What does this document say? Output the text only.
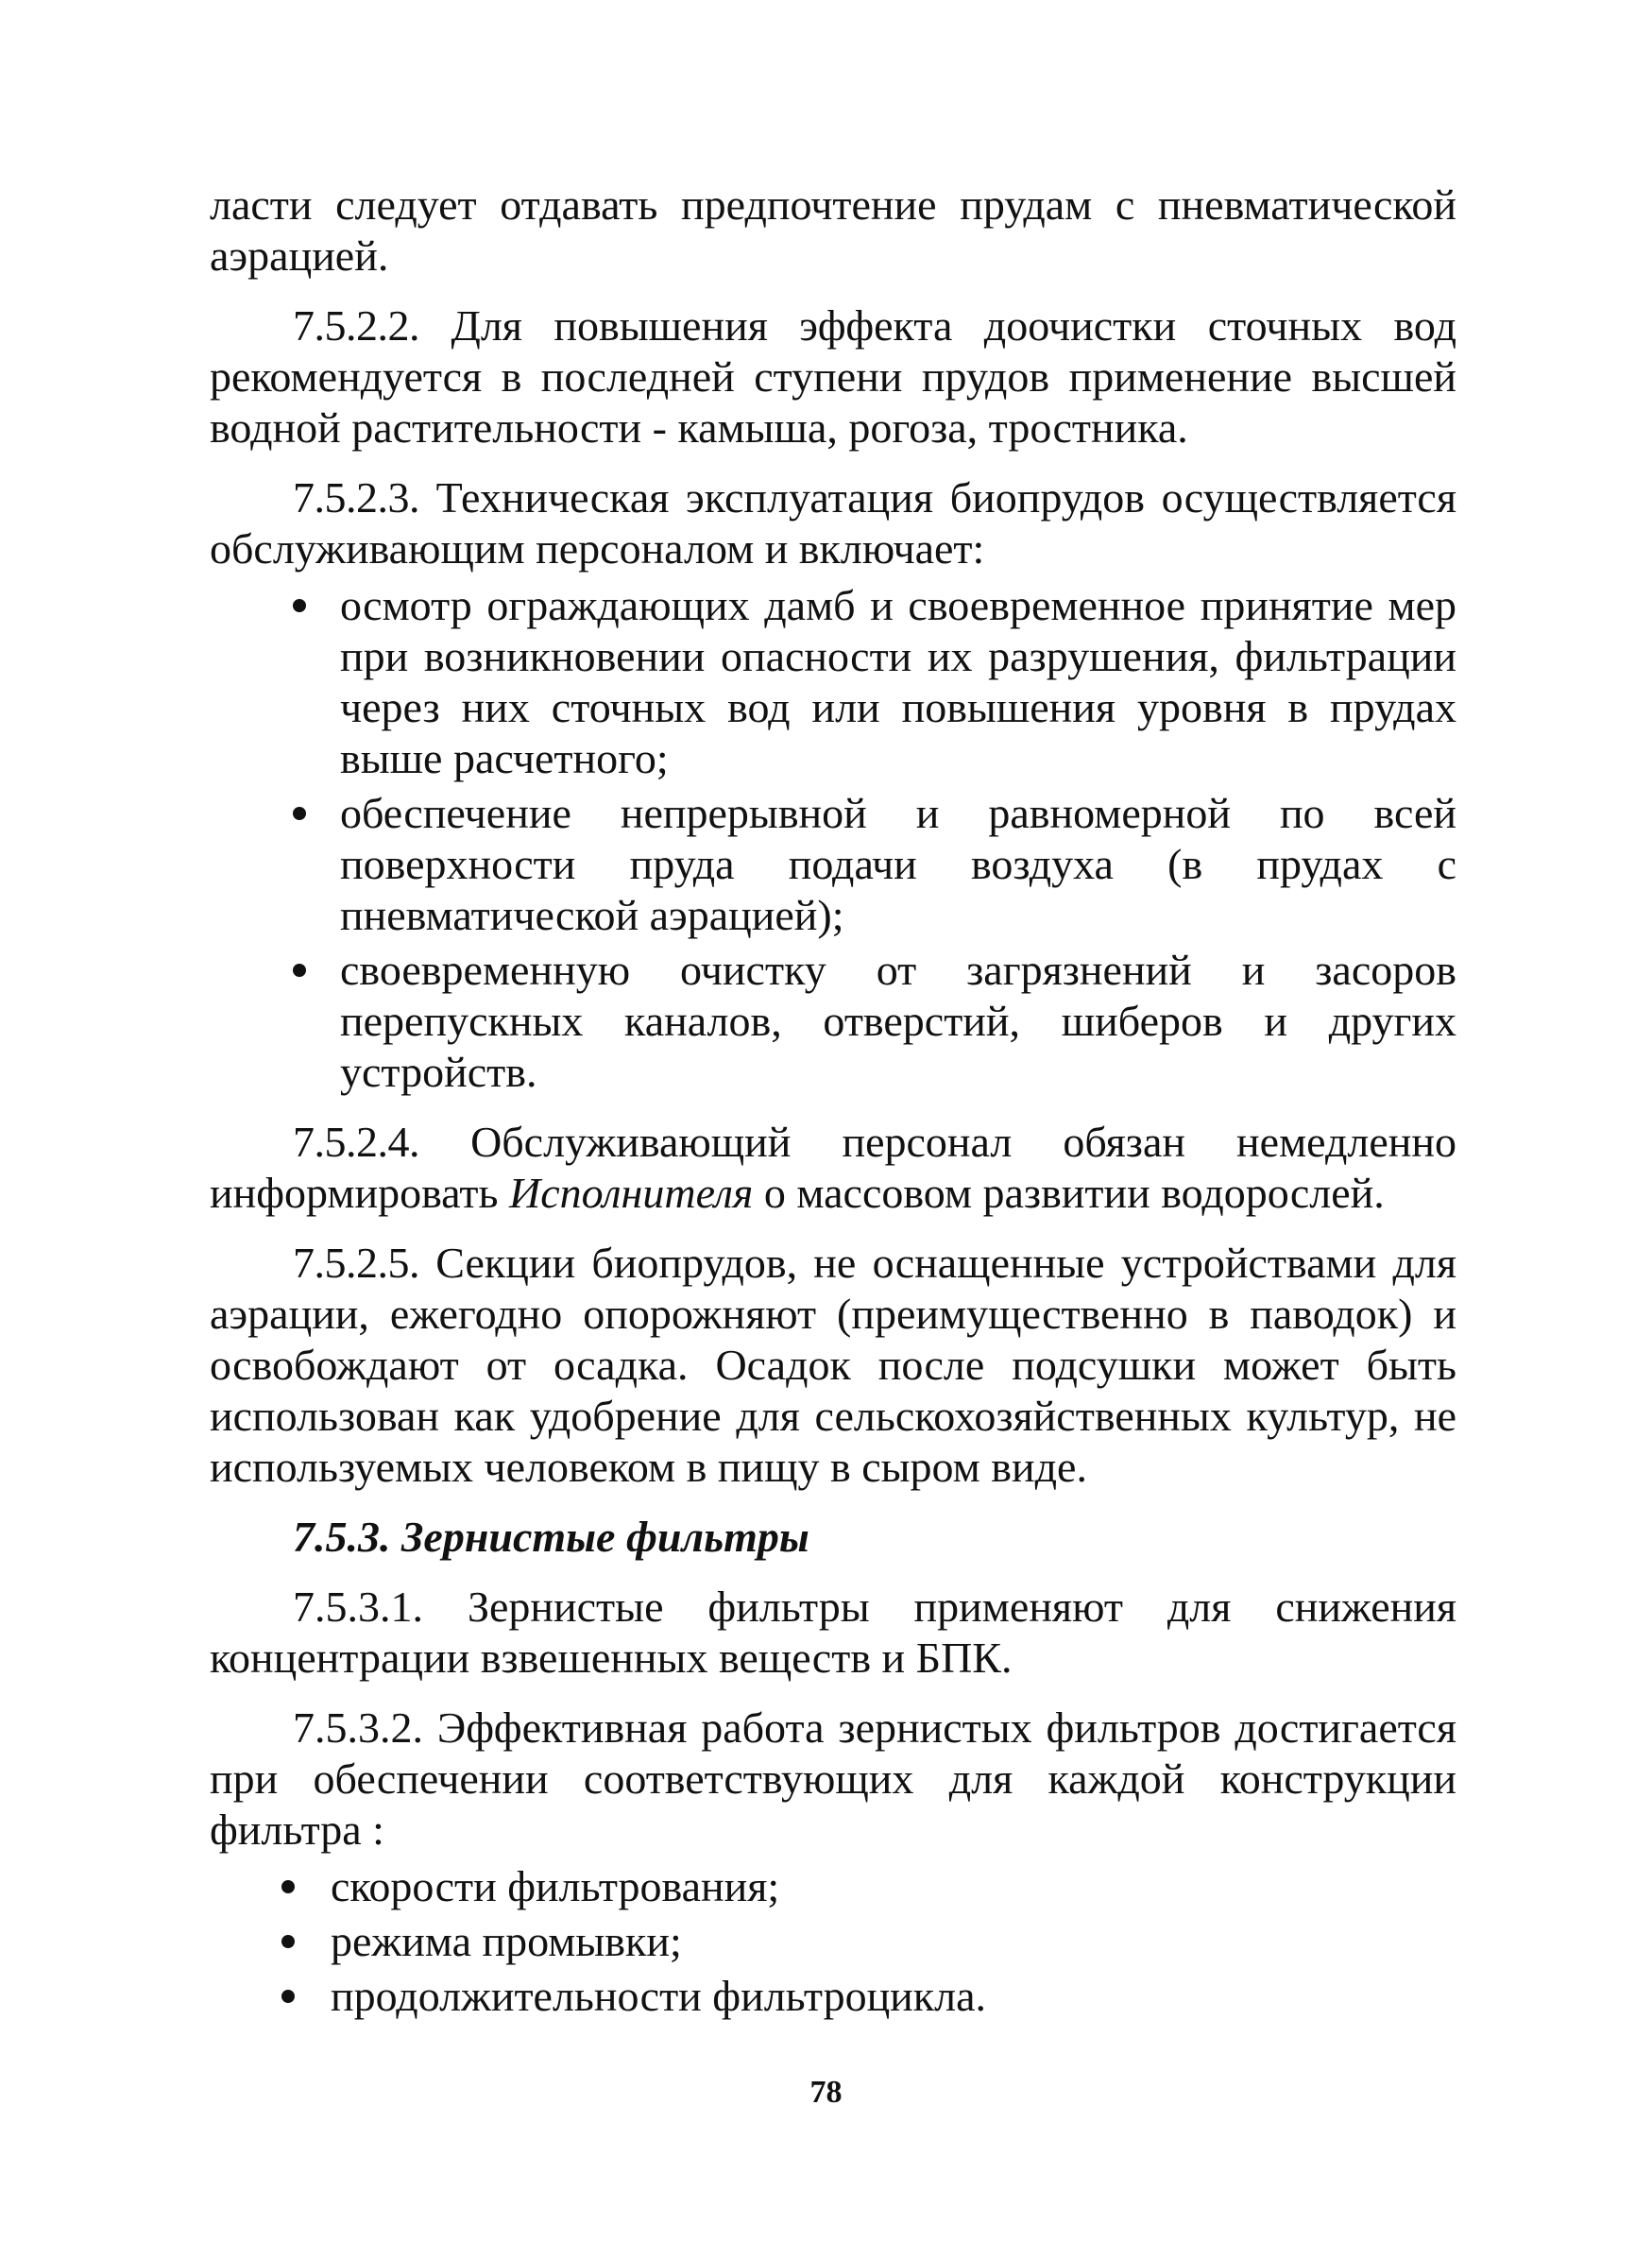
ласти следует отдавать предпочтение прудам с пневматической аэрацией.

7.5.2.2. Для повышения эффекта доочистки сточных вод рекомендуется в последней ступени прудов применение высшей водной растительности - камыша, рогоза, тростника.

7.5.2.3. Техническая эксплуатация биопрудов осуществляется обслуживающим персоналом и включает:

осмотр ограждающих дамб и своевременное принятие мер при возникновении опасности их разрушения, фильтрации через них сточных вод или повышения уровня в прудах выше расчетного;
обеспечение непрерывной и равномерной по всей поверхности пруда подачи воздуха (в прудах с пневматической аэрацией);
своевременную очистку от загрязнений и засоров перепускных каналов, отверстий, шиберов и других устройств.

7.5.2.4. Обслуживающий персонал обязан немедленно информировать Исполнителя о массовом развитии водорослей.

7.5.2.5. Секции биопрудов, не оснащенные устройствами для аэрации, ежегодно опорожняют (преимущественно в паводок) и освобождают от осадка. Осадок после подсушки может быть использован как удобрение для сельскохозяйственных культур, не используемых человеком в пищу в сыром виде.

7.5.3. Зернистые фильтры

7.5.3.1. Зернистые фильтры применяют для снижения концентрации взвешенных веществ и БПК.

7.5.3.2. Эффективная работа зернистых фильтров достигается при обеспечении соответствующих для каждой конструкции фильтра :

скорости фильтрования;
режима промывки;
продолжительности фильтроцикла.
78
